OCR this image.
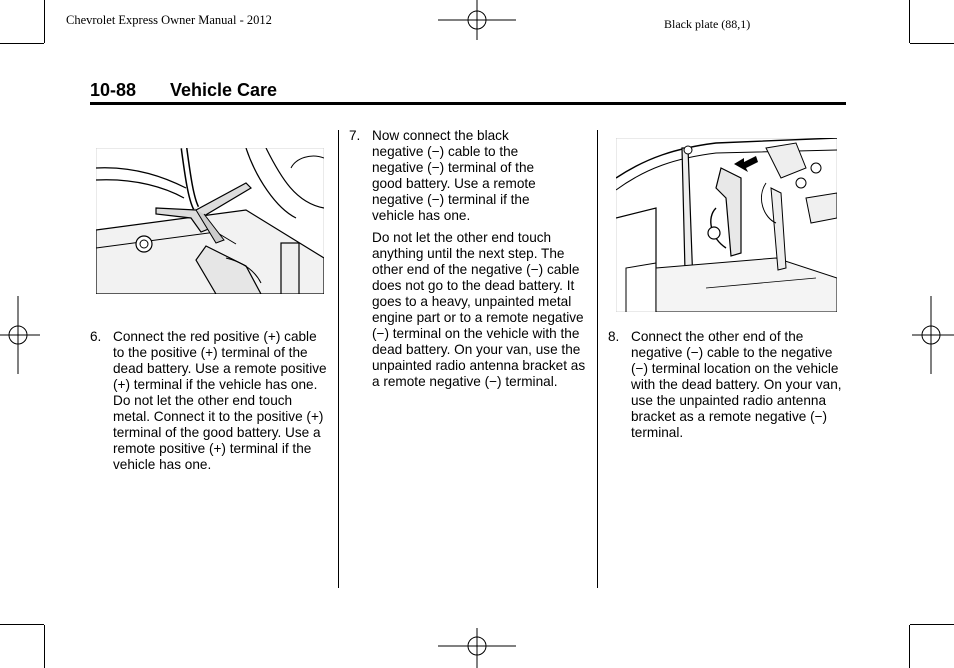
Chevrolet Express Owner Manual - 2012	Black plate (88,1)
10-88 Vehicle Care
6. Connect the red positive (+) cable to the positive (+) terminal of the dead battery. Use a remote positive (+) terminal if the vehicle has one. Do not let the other end touch metal. Connect it to the positive (+) terminal of the good battery. Use a remote positive (+) terminal if the vehicle has one.
7. Now connect the black negative (−) cable to the negative (−) terminal of the good battery. Use a remote negative (−) terminal if the vehicle has one.
Do not let the other end touch anything until the next step. The other end of the negative (−) cable does not go to the dead battery. It goes to a heavy, unpainted metal engine part or to a remote negative (−) terminal on the vehicle with the dead battery. On your van, use the unpainted radio antenna bracket as a remote negative (−) terminal.
8. Connect the other end of the negative (−) cable to the negative (−) terminal location on the vehicle with the dead battery. On your van, use the unpainted radio antenna bracket as a remote negative (−) terminal.
